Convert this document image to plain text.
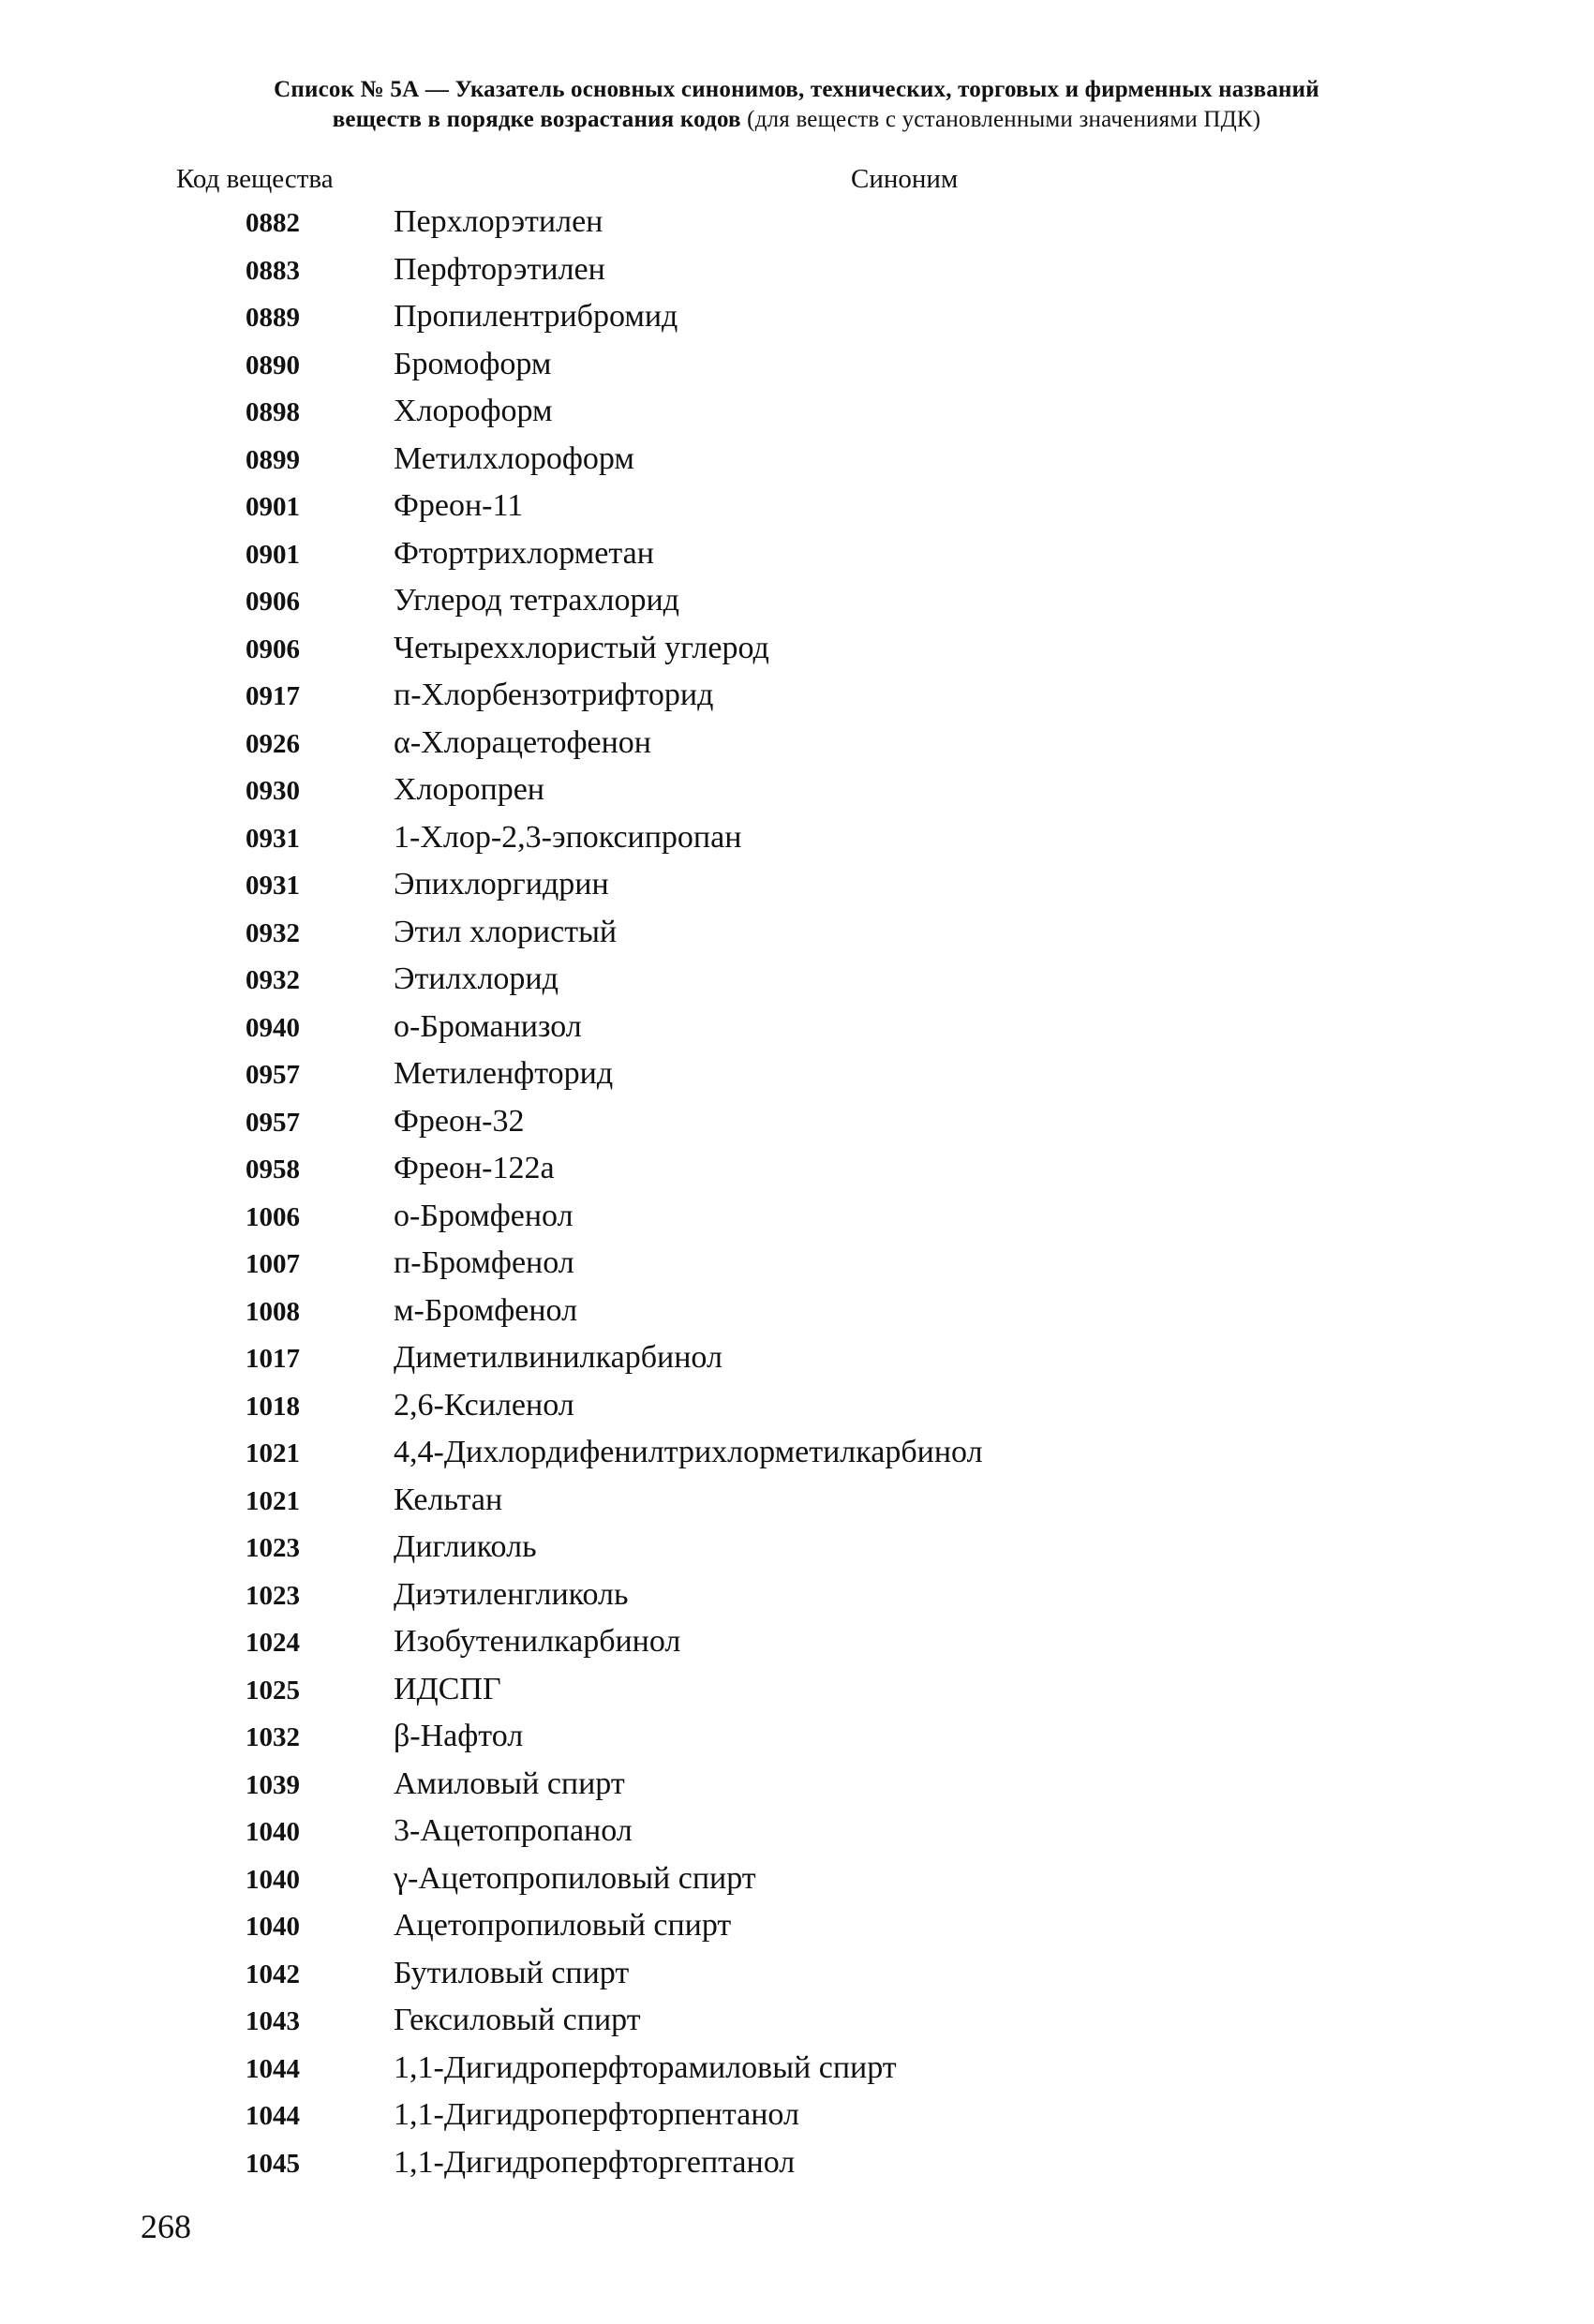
Список № 5А — Указатель основных синонимов, технических, торговых и фирменных названий
веществ в порядке возрастания кодов (для веществ с установленными значениями ПДК)
Код вещества	Синоним
0882	Перхлорэтилен
0883	Перфторэтилен
0889	Пропилентрибромид
0890	Бромоформ
0898	Хлороформ
0899	Метилхлороформ
0901	Фреон-11
0901	Фтортрихлорметан
0906	Углерод тетрахлорид
0906	Четыреххлористый углерод
0917	п-Хлорбензотрифторид
0926	α-Хлорацетофенон
0930	Хлоропрен
0931	1-Хлор-2,3-эпоксипропан
0931	Эпихлоргидрин
0932	Этил хлористый
0932	Этилхлорид
0940	о-Броманизол
0957	Метиленфторид
0957	Фреон-32
0958	Фреон-122а
1006	о-Бромфенол
1007	п-Бромфенол
1008	м-Бромфенол
1017	Диметилвинилкарбинол
1018	2,6-Ксиленол
1021	4,4-Дихлордифенилтрихлорметилкарбинол
1021	Кельтан
1023	Дигликоль
1023	Диэтиленгликоль
1024	Изобутенилкарбинол
1025	ИДСПГ
1032	β-Нафтол
1039	Амиловый спирт
1040	3-Ацетопропанол
1040	γ-Ацетопропиловый спирт
1040	Ацетопропиловый спирт
1042	Бутиловый спирт
1043	Гексиловый спирт
1044	1,1-Дигидроперфторамиловый спирт
1044	1,1-Дигидроперфторпентанол
1045	1,1-Дигидроперфторгептанол
268
